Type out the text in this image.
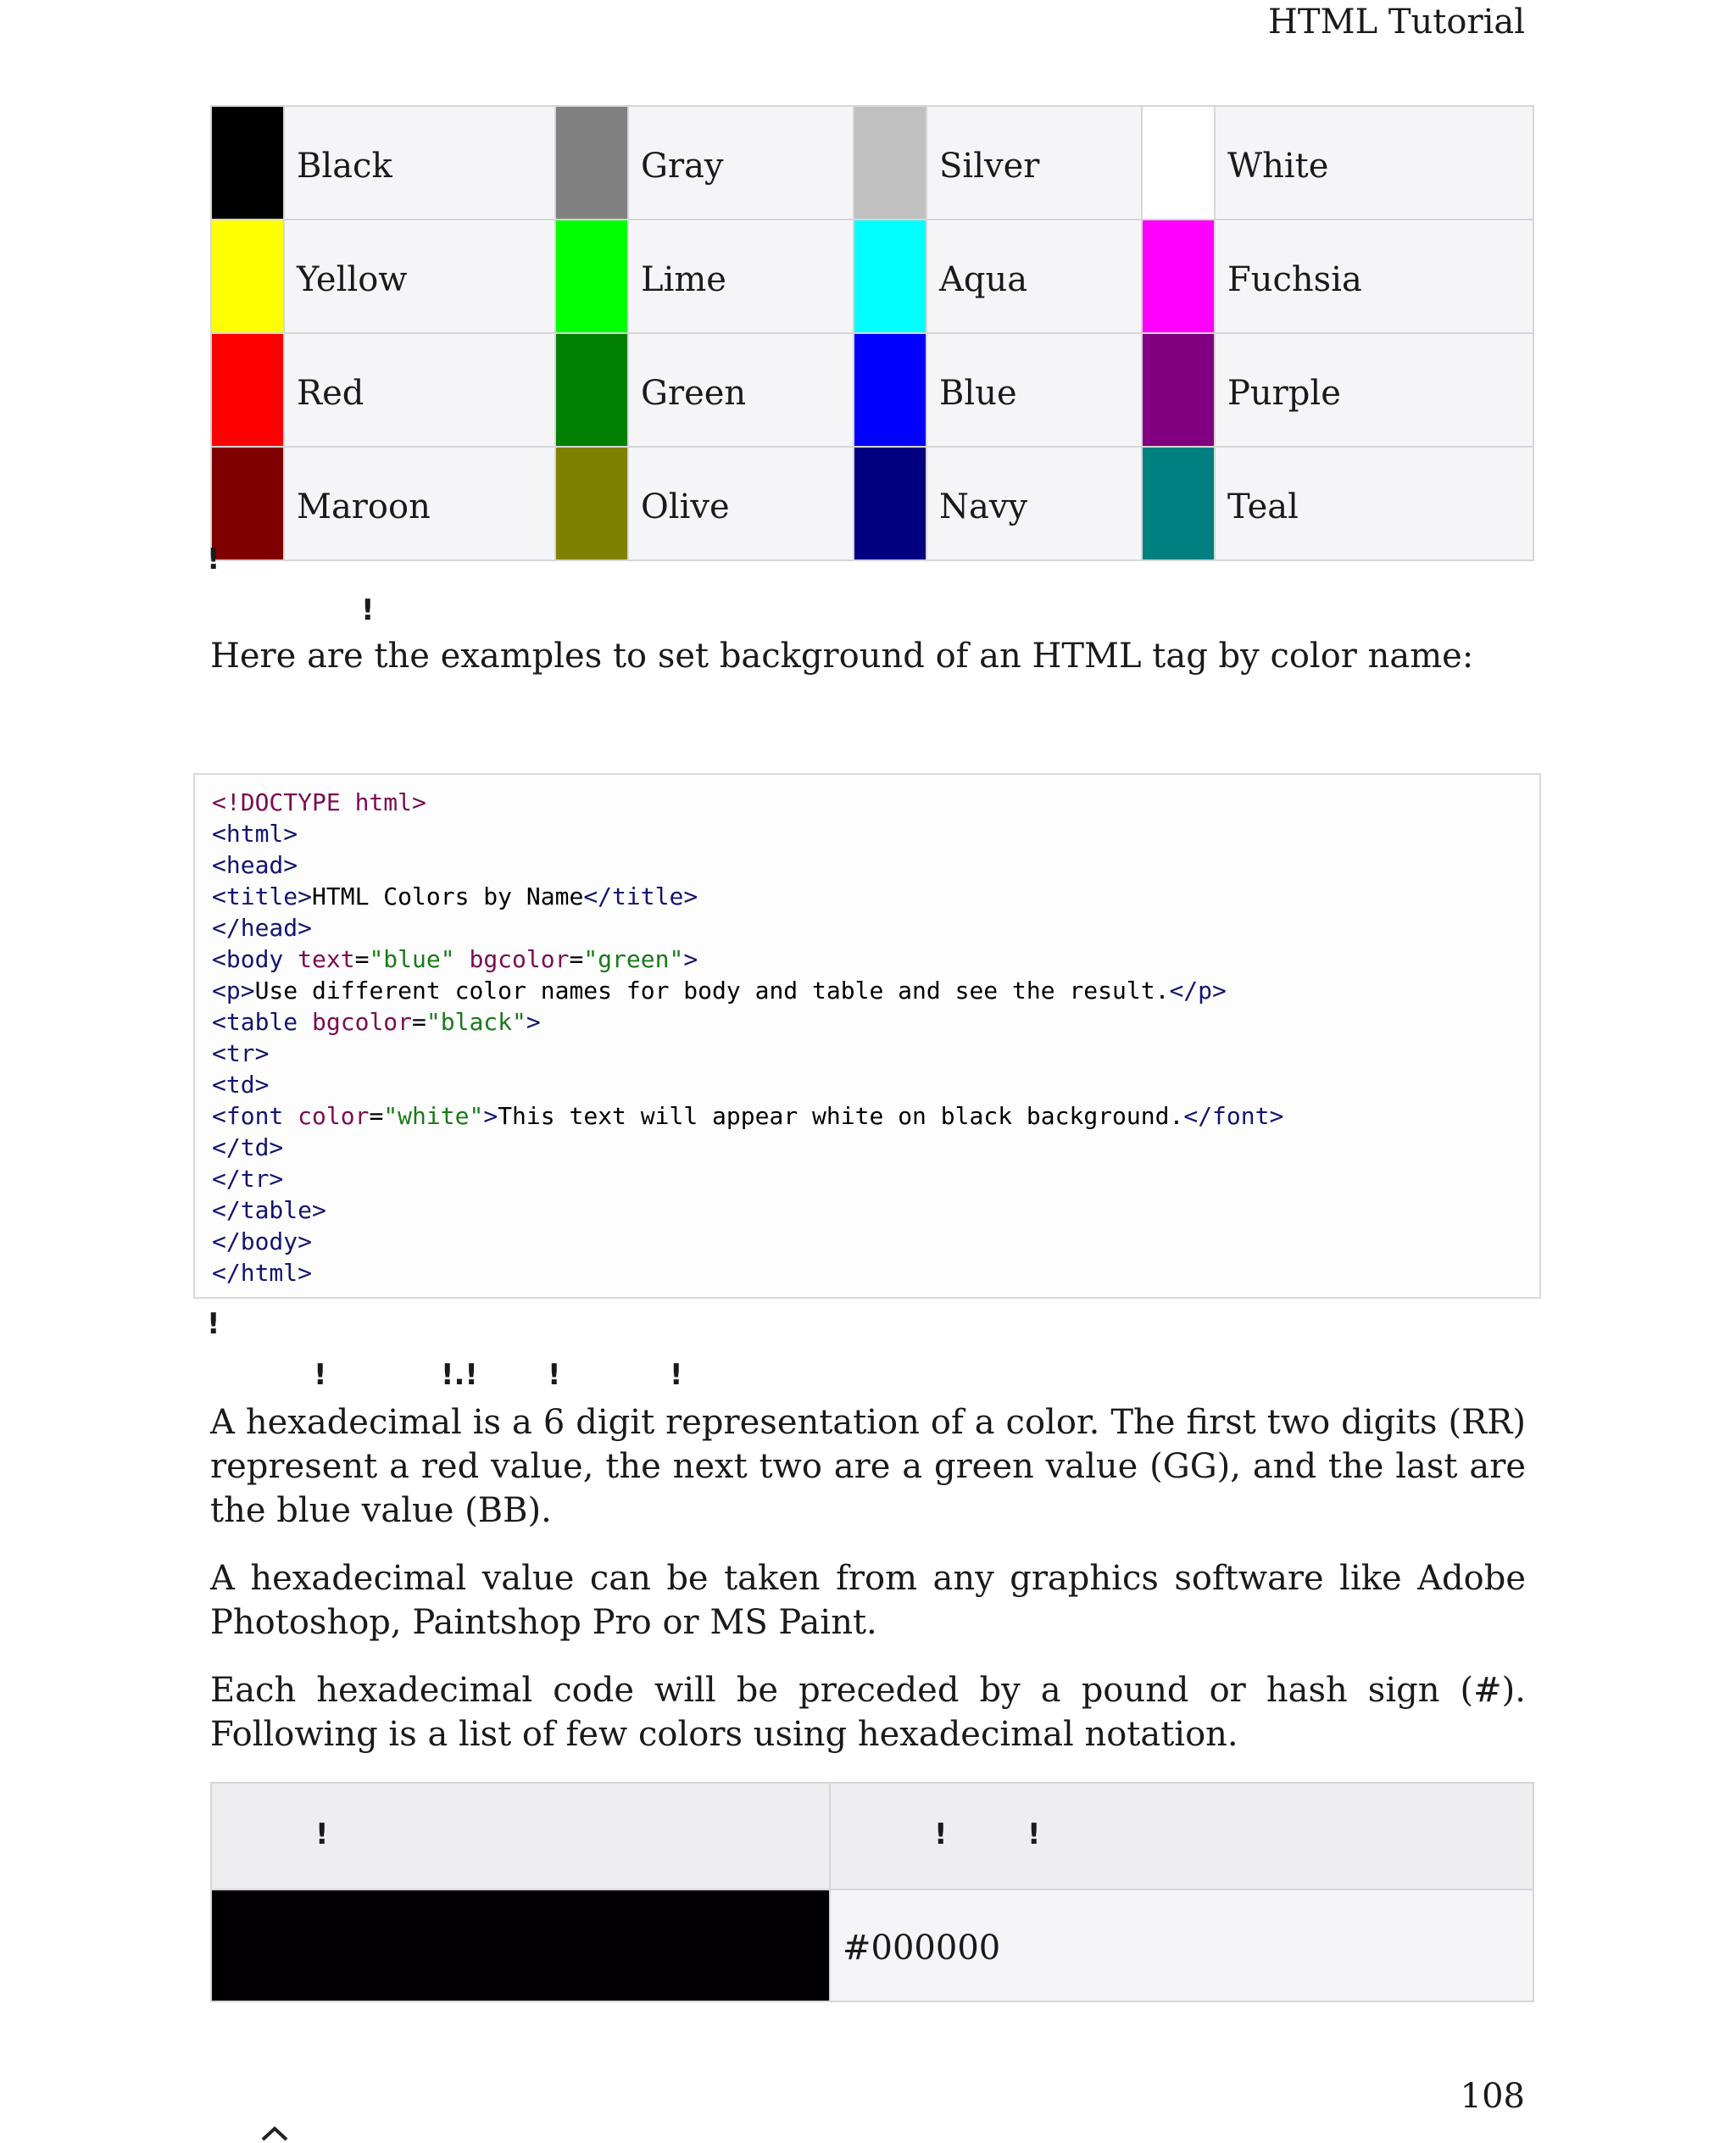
HTML Tutorial
	Black		Gray		Silver		White
	Yellow		Lime		Aqua		Fuchsia
	Red		Green		Blue		Purple
	Maroon		Olive		Navy		Teal
!
!

Here are the examples to set background of an HTML tag by color name:

<!DOCTYPE html>
<html>
<head>
<title>HTML Colors by Name</title>
</head>
<body text="blue" bgcolor="green">
<p>Use different color names for body and table and see the result.</p>
<table bgcolor="black">
<tr>
<td>
<font color="white">This text will appear white on black background.</font>
</td>
</tr>
</table>
</body>
</html>
!
!	!.! !	!

A hexadecimal is a 6 digit representation of a color. The first two digits (RR) represent a red value, the next two are a green value (GG), and the last are the blue value (BB).

A hexadecimal value can be taken from any graphics software like Adobe Photoshop, Paintshop Pro or MS Paint.

Each hexadecimal code will be preceded by a pound or hash sign (#). Following is a list of few colors using hexadecimal notation.

!	! !

	#000000
108
